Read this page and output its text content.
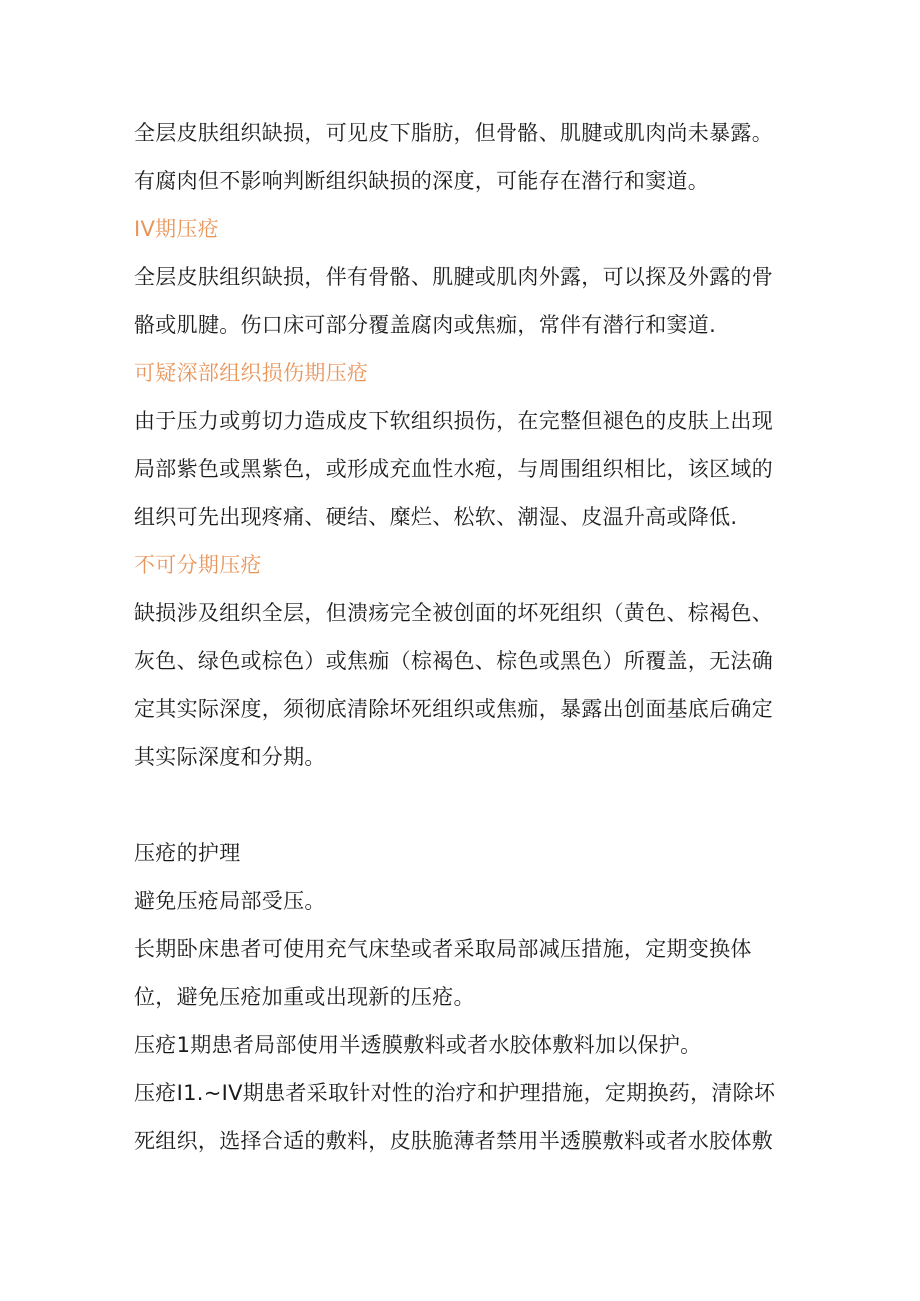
全层皮肤组织缺损，可见皮下脂肪，但骨骼、肌腱或肌肉尚未暴露。
有腐肉但不影响判断组织缺损的深度，可能存在潜行和窦道。
IV期压疮
全层皮肤组织缺损，伴有骨骼、肌腱或肌肉外露，可以探及外露的骨
骼或肌腱。伤口床可部分覆盖腐肉或焦痂，常伴有潜行和窦道.
可疑深部组织损伤期压疮
由于压力或剪切力造成皮下软组织损伤，在完整但褪色的皮肤上出现
局部紫色或黑紫色，或形成充血性水疱，与周围组织相比，该区域的
组织可先出现疼痛、硬结、糜烂、松软、潮湿、皮温升高或降低.
不可分期压疮
缺损涉及组织全层，但溃疡完全被创面的坏死组织（黄色、棕褐色、
灰色、绿色或棕色）或焦痂（棕褐色、棕色或黑色）所覆盖，无法确
定其实际深度，须彻底清除坏死组织或焦痂，暴露出创面基底后确定
其实际深度和分期。
压疮的护理
避免压疮局部受压。
长期卧床患者可使用充气床垫或者采取局部减压措施，定期变换体
位，避免压疮加重或出现新的压疮。
压疮1期患者局部使用半透膜敷料或者水胶体敷料加以保护。
压疮I1.~IV期患者采取针对性的治疗和护理措施，定期换药，清除坏
死组织，选择合适的敷料，皮肤脆薄者禁用半透膜敷料或者水胶体敷
